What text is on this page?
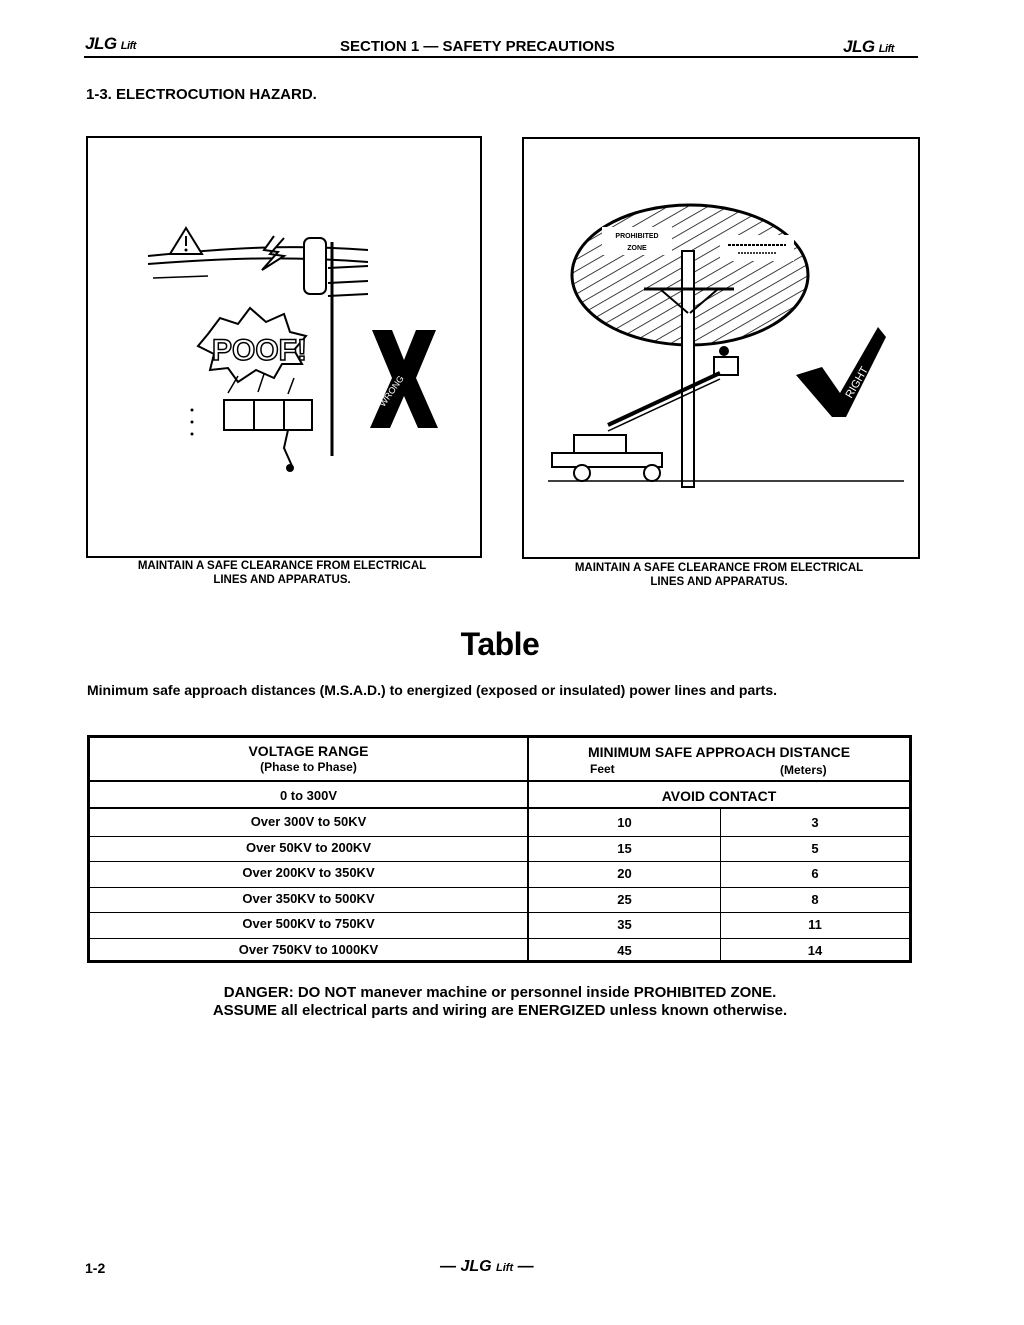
JLG Lift	SECTION 1 — SAFETY PRECAUTIONS	JLG Lift
1-3. ELECTROCUTION HAZARD.
POOF!
WRONG
MAINTAIN A SAFE CLEARANCE FROM ELECTRICAL
LINES AND APPARATUS.
PROHIBITED
ZONE
RIGHT
MAINTAIN A SAFE CLEARANCE FROM ELECTRICAL
LINES AND APPARATUS.
Table
Minimum safe approach distances (M.S.A.D.) to energized (exposed or insulated) power lines and parts.
VOLTAGE RANGE
(Phase to Phase)
MINIMUM SAFE APPROACH DISTANCE
Feet	(Meters)
0 to 300V	AVOID CONTACT
Over 300V to 50KV	10	3
Over 50KV to 200KV	15	5
Over 200KV to 350KV	20	6
Over 350KV to 500KV	25	8
Over 500KV to 750KV	35	11
Over 750KV to 1000KV	45	14
DANGER: DO NOT manever machine or personnel inside PROHIBITED ZONE.
ASSUME all electrical parts and wiring are ENERGIZED unless known otherwise.
1-2	— JLG Lift —
